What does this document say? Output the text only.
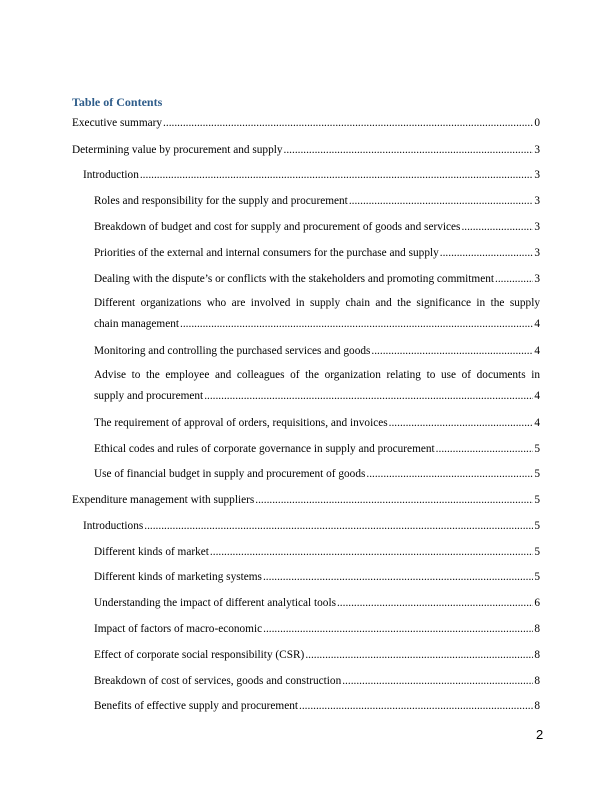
Table of Contents
Executive summary .....	0
Determining value by procurement and supply .....	3
Introduction .....	3
Roles and responsibility for the supply and procurement .....	3
Breakdown of budget and cost for supply and procurement of goods and services .....	3
Priorities of the external and internal consumers for the purchase and supply .....	3
Dealing with the dispute’s or conflicts with the stakeholders and promoting commitment .....	3
Different organizations who are involved in supply chain and the significance in the supply
chain management .....	4
Monitoring and controlling the purchased services and goods .....	4
Advise to the employee and colleagues of the organization relating to use of documents in
supply and procurement .....	4
The requirement of approval of orders, requisitions, and invoices .....	4
Ethical codes and rules of corporate governance in supply and procurement .....	5
Use of financial budget in supply and procurement of goods .....	5
Expenditure management with suppliers .....	5
Introductions .....	5
Different kinds of market .....	5
Different kinds of marketing systems .....	5
Understanding the impact of different analytical tools .....	6
Impact of factors of macro-economic .....	8
Effect of corporate social responsibility (CSR) .....	8
Breakdown of cost of services, goods and construction .....	8
Benefits of effective supply and procurement .....	8
2
